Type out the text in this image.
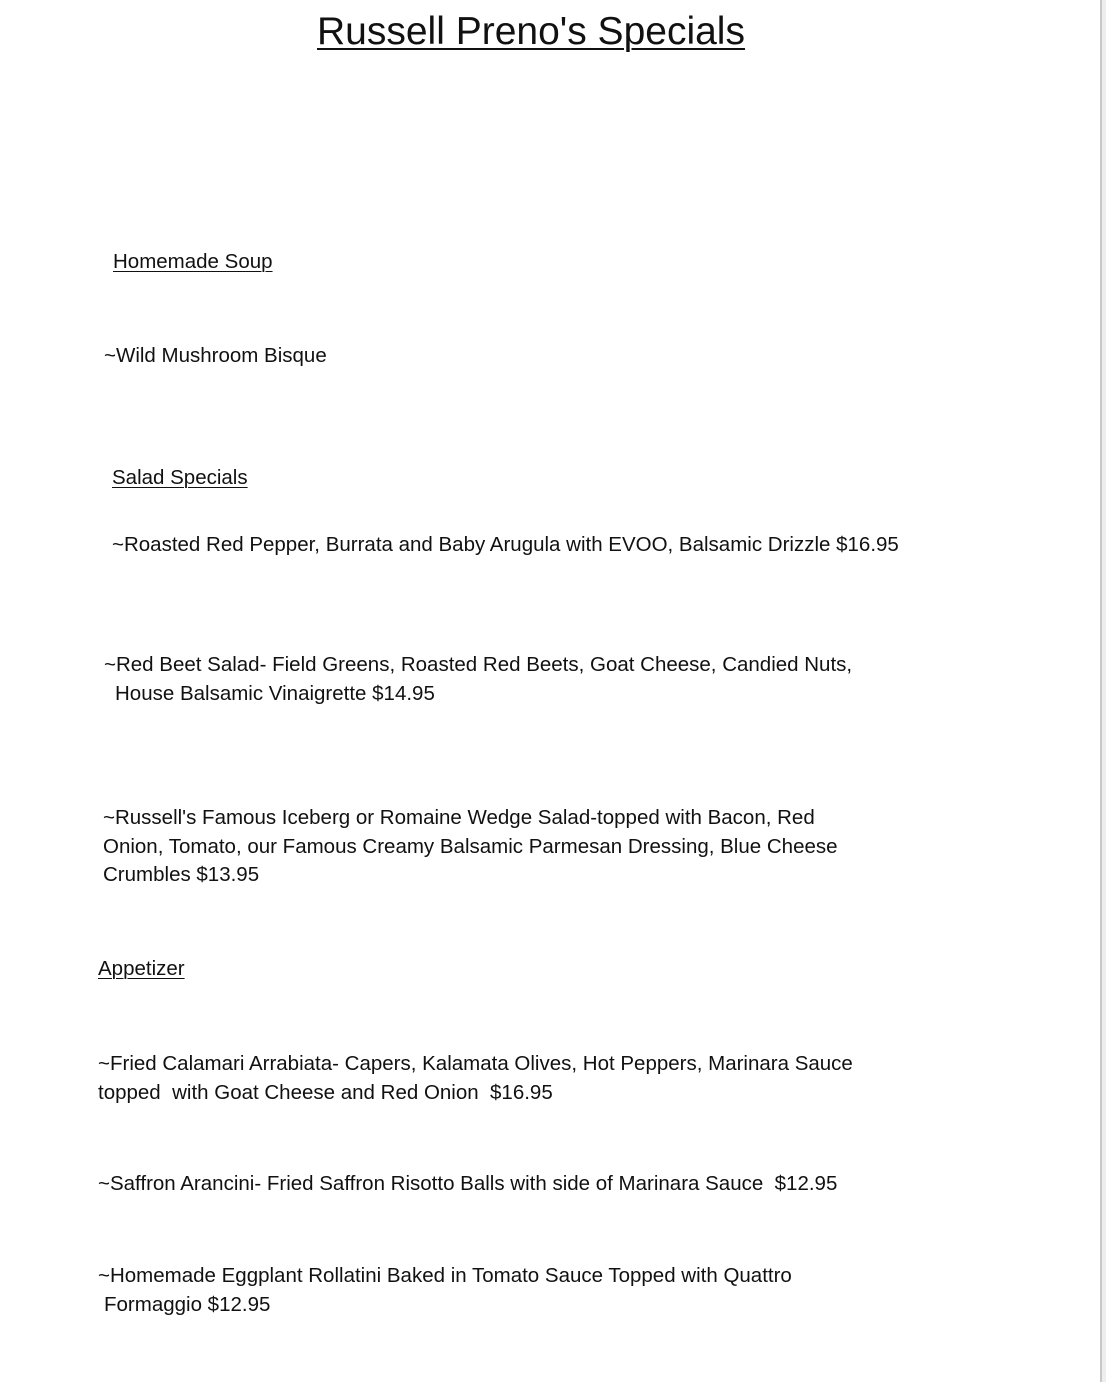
Russell Preno's Specials
Homemade Soup
~Wild Mushroom Bisque
Salad Specials
~Roasted Red Pepper, Burrata and Baby Arugula with EVOO, Balsamic Drizzle $16.95
~Red Beet Salad- Field Greens, Roasted Red Beets, Goat Cheese, Candied Nuts,
House Balsamic Vinaigrette $14.95
~Russell's Famous Iceberg or Romaine Wedge Salad-topped with Bacon, Red
Onion, Tomato, our Famous Creamy Balsamic Parmesan Dressing, Blue Cheese
Crumbles $13.95
Appetizer
~Fried Calamari Arrabiata- Capers, Kalamata Olives, Hot Peppers, Marinara Sauce
topped  with Goat Cheese and Red Onion  $16.95
~Saffron Arancini- Fried Saffron Risotto Balls with side of Marinara Sauce  $12.95
~Homemade Eggplant Rollatini Baked in Tomato Sauce Topped with Quattro
Formaggio $12.95
